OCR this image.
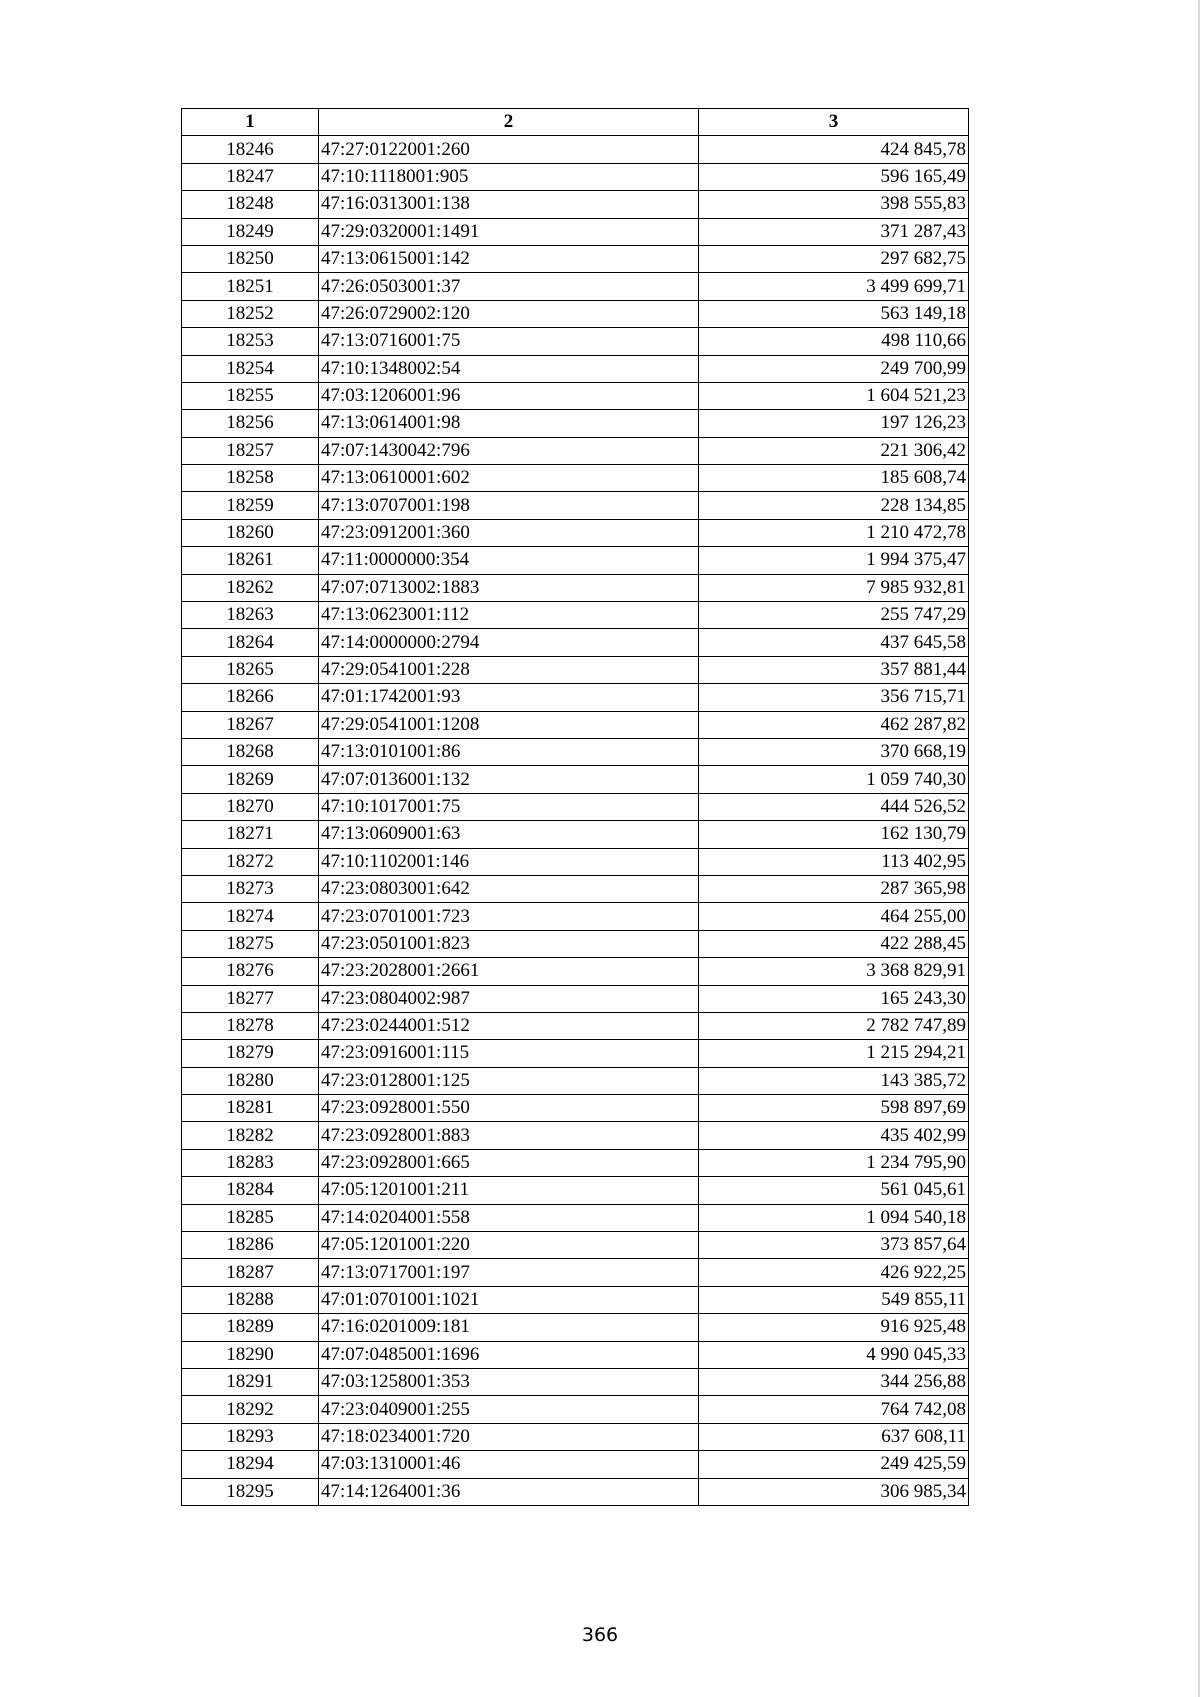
1	2	3
18246	47:27:0122001:260	424 845,78
18247	47:10:1118001:905	596 165,49
18248	47:16:0313001:138	398 555,83
18249	47:29:0320001:1491	371 287,43
18250	47:13:0615001:142	297 682,75
18251	47:26:0503001:37	3 499 699,71
18252	47:26:0729002:120	563 149,18
18253	47:13:0716001:75	498 110,66
18254	47:10:1348002:54	249 700,99
18255	47:03:1206001:96	1 604 521,23
18256	47:13:0614001:98	197 126,23
18257	47:07:1430042:796	221 306,42
18258	47:13:0610001:602	185 608,74
18259	47:13:0707001:198	228 134,85
18260	47:23:0912001:360	1 210 472,78
18261	47:11:0000000:354	1 994 375,47
18262	47:07:0713002:1883	7 985 932,81
18263	47:13:0623001:112	255 747,29
18264	47:14:0000000:2794	437 645,58
18265	47:29:0541001:228	357 881,44
18266	47:01:1742001:93	356 715,71
18267	47:29:0541001:1208	462 287,82
18268	47:13:0101001:86	370 668,19
18269	47:07:0136001:132	1 059 740,30
18270	47:10:1017001:75	444 526,52
18271	47:13:0609001:63	162 130,79
18272	47:10:1102001:146	113 402,95
18273	47:23:0803001:642	287 365,98
18274	47:23:0701001:723	464 255,00
18275	47:23:0501001:823	422 288,45
18276	47:23:2028001:2661	3 368 829,91
18277	47:23:0804002:987	165 243,30
18278	47:23:0244001:512	2 782 747,89
18279	47:23:0916001:115	1 215 294,21
18280	47:23:0128001:125	143 385,72
18281	47:23:0928001:550	598 897,69
18282	47:23:0928001:883	435 402,99
18283	47:23:0928001:665	1 234 795,90
18284	47:05:1201001:211	561 045,61
18285	47:14:0204001:558	1 094 540,18
18286	47:05:1201001:220	373 857,64
18287	47:13:0717001:197	426 922,25
18288	47:01:0701001:1021	549 855,11
18289	47:16:0201009:181	916 925,48
18290	47:07:0485001:1696	4 990 045,33
18291	47:03:1258001:353	344 256,88
18292	47:23:0409001:255	764 742,08
18293	47:18:0234001:720	637 608,11
18294	47:03:1310001:46	249 425,59
18295	47:14:1264001:36	306 985,34
366
